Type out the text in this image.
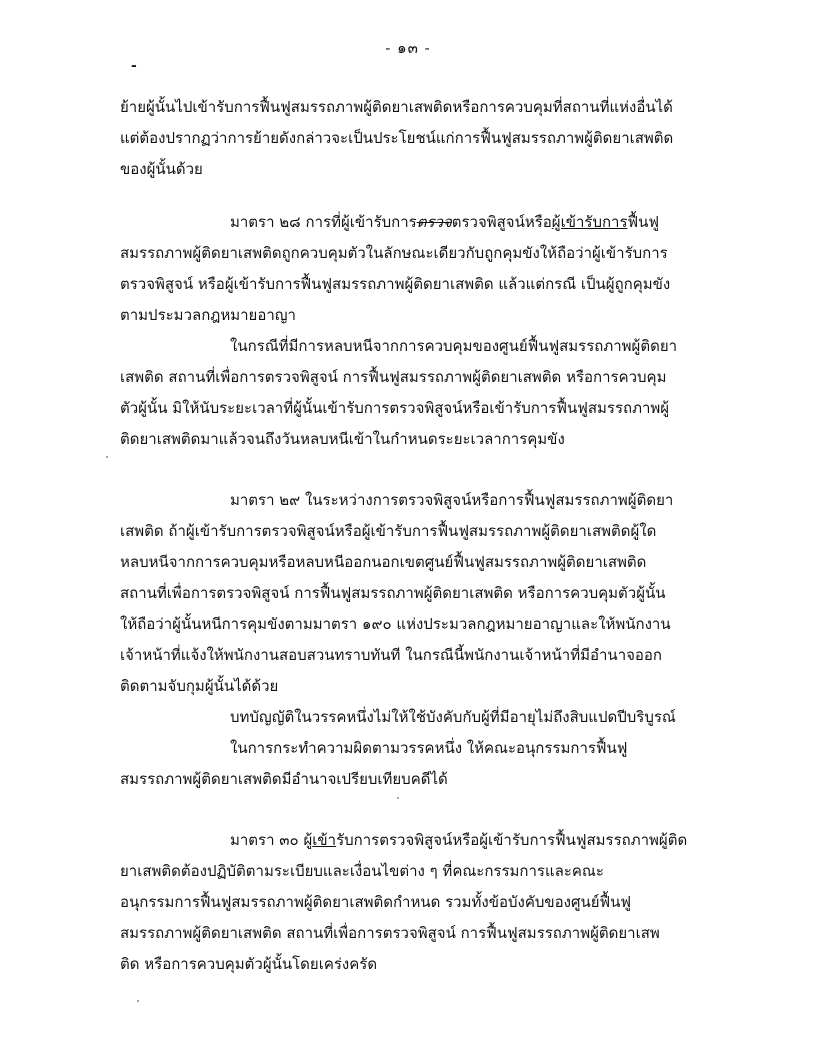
- ๑๓ -
-

ย้ายผู้นั้นไปเข้ารับการฟื้นฟูสมรรถภาพผู้ติดยาเสพติดหรือการควบคุมที่สถานที่แห่งอื่นได้
แต่ต้องปรากฏว่าการย้ายดังกล่าวจะเป็นประโยชน์แก่การฟื้นฟูสมรรถภาพผู้ติดยาเสพติด
ของผู้นั้นด้วย

มาตรา ๒๘ การที่ผู้เข้ารับการตรวจตรวจพิสูจน์หรือผู้เข้ารับการฟื้นฟู
สมรรถภาพผู้ติดยาเสพติดถูกควบคุมตัวในลักษณะเดียวกับถูกคุมขังให้ถือว่าผู้เข้ารับการ
ตรวจพิสูจน์ หรือผู้เข้ารับการฟื้นฟูสมรรถภาพผู้ติดยาเสพติด แล้วแต่กรณี เป็นผู้ถูกคุมขัง
ตามประมวลกฎหมายอาญา

ในกรณีที่มีการหลบหนีจากการควบคุมของศูนย์ฟื้นฟูสมรรถภาพผู้ติดยา
เสพติด สถานที่เพื่อการตรวจพิสูจน์ การฟื้นฟูสมรรถภาพผู้ติดยาเสพติด หรือการควบคุม
ตัวผู้นั้น มิให้นับระยะเวลาที่ผู้นั้นเข้ารับการตรวจพิสูจน์หรือเข้ารับการฟื้นฟูสมรรถภาพผู้
ติดยาเสพติดมาแล้วจนถึงวันหลบหนีเข้าในกำหนดระยะเวลาการคุมขัง

มาตรา ๒๙ ในระหว่างการตรวจพิสูจน์หรือการฟื้นฟูสมรรถภาพผู้ติดยา
เสพติด ถ้าผู้เข้ารับการตรวจพิสูจน์หรือผู้เข้ารับการฟื้นฟูสมรรถภาพผู้ติดยาเสพติดผู้ใด
หลบหนีจากการควบคุมหรือหลบหนีออกนอกเขตศูนย์ฟื้นฟูสมรรถภาพผู้ติดยาเสพติด
สถานที่เพื่อการตรวจพิสูจน์ การฟื้นฟูสมรรถภาพผู้ติดยาเสพติด หรือการควบคุมตัวผู้นั้น
ให้ถือว่าผู้นั้นหนีการคุมขังตามมาตรา ๑๙๐ แห่งประมวลกฎหมายอาญาและให้พนักงาน
เจ้าหน้าที่แจ้งให้พนักงานสอบสวนทราบทันที ในกรณีนี้พนักงานเจ้าหน้าที่มีอำนาจออก
ติดตามจับกุมผู้นั้นได้ด้วย

บทบัญญัติในวรรคหนึ่งไม่ให้ใช้บังคับกับผู้ที่มีอายุไม่ถึงสิบแปดปีบริบูรณ์

ในการกระทำความผิดตามวรรคหนึ่ง ให้คณะอนุกรรมการฟื้นฟู
สมรรถภาพผู้ติดยาเสพติดมีอำนาจเปรียบเทียบคดีได้

มาตรา ๓๐ ผู้เข้ารับการตรวจพิสูจน์หรือผู้เข้ารับการฟื้นฟูสมรรถภาพผู้ติด
ยาเสพติดต้องปฏิบัติตามระเบียบและเงื่อนไขต่าง ๆ ที่คณะกรรมการและคณะ
อนุกรรมการฟื้นฟูสมรรถภาพผู้ติดยาเสพติดกำหนด รวมทั้งข้อบังคับของศูนย์ฟื้นฟู
สมรรถภาพผู้ติดยาเสพติด สถานที่เพื่อการตรวจพิสูจน์ การฟื้นฟูสมรรถภาพผู้ติดยาเสพ
ติด หรือการควบคุมตัวผู้นั้นโดยเคร่งครัด
